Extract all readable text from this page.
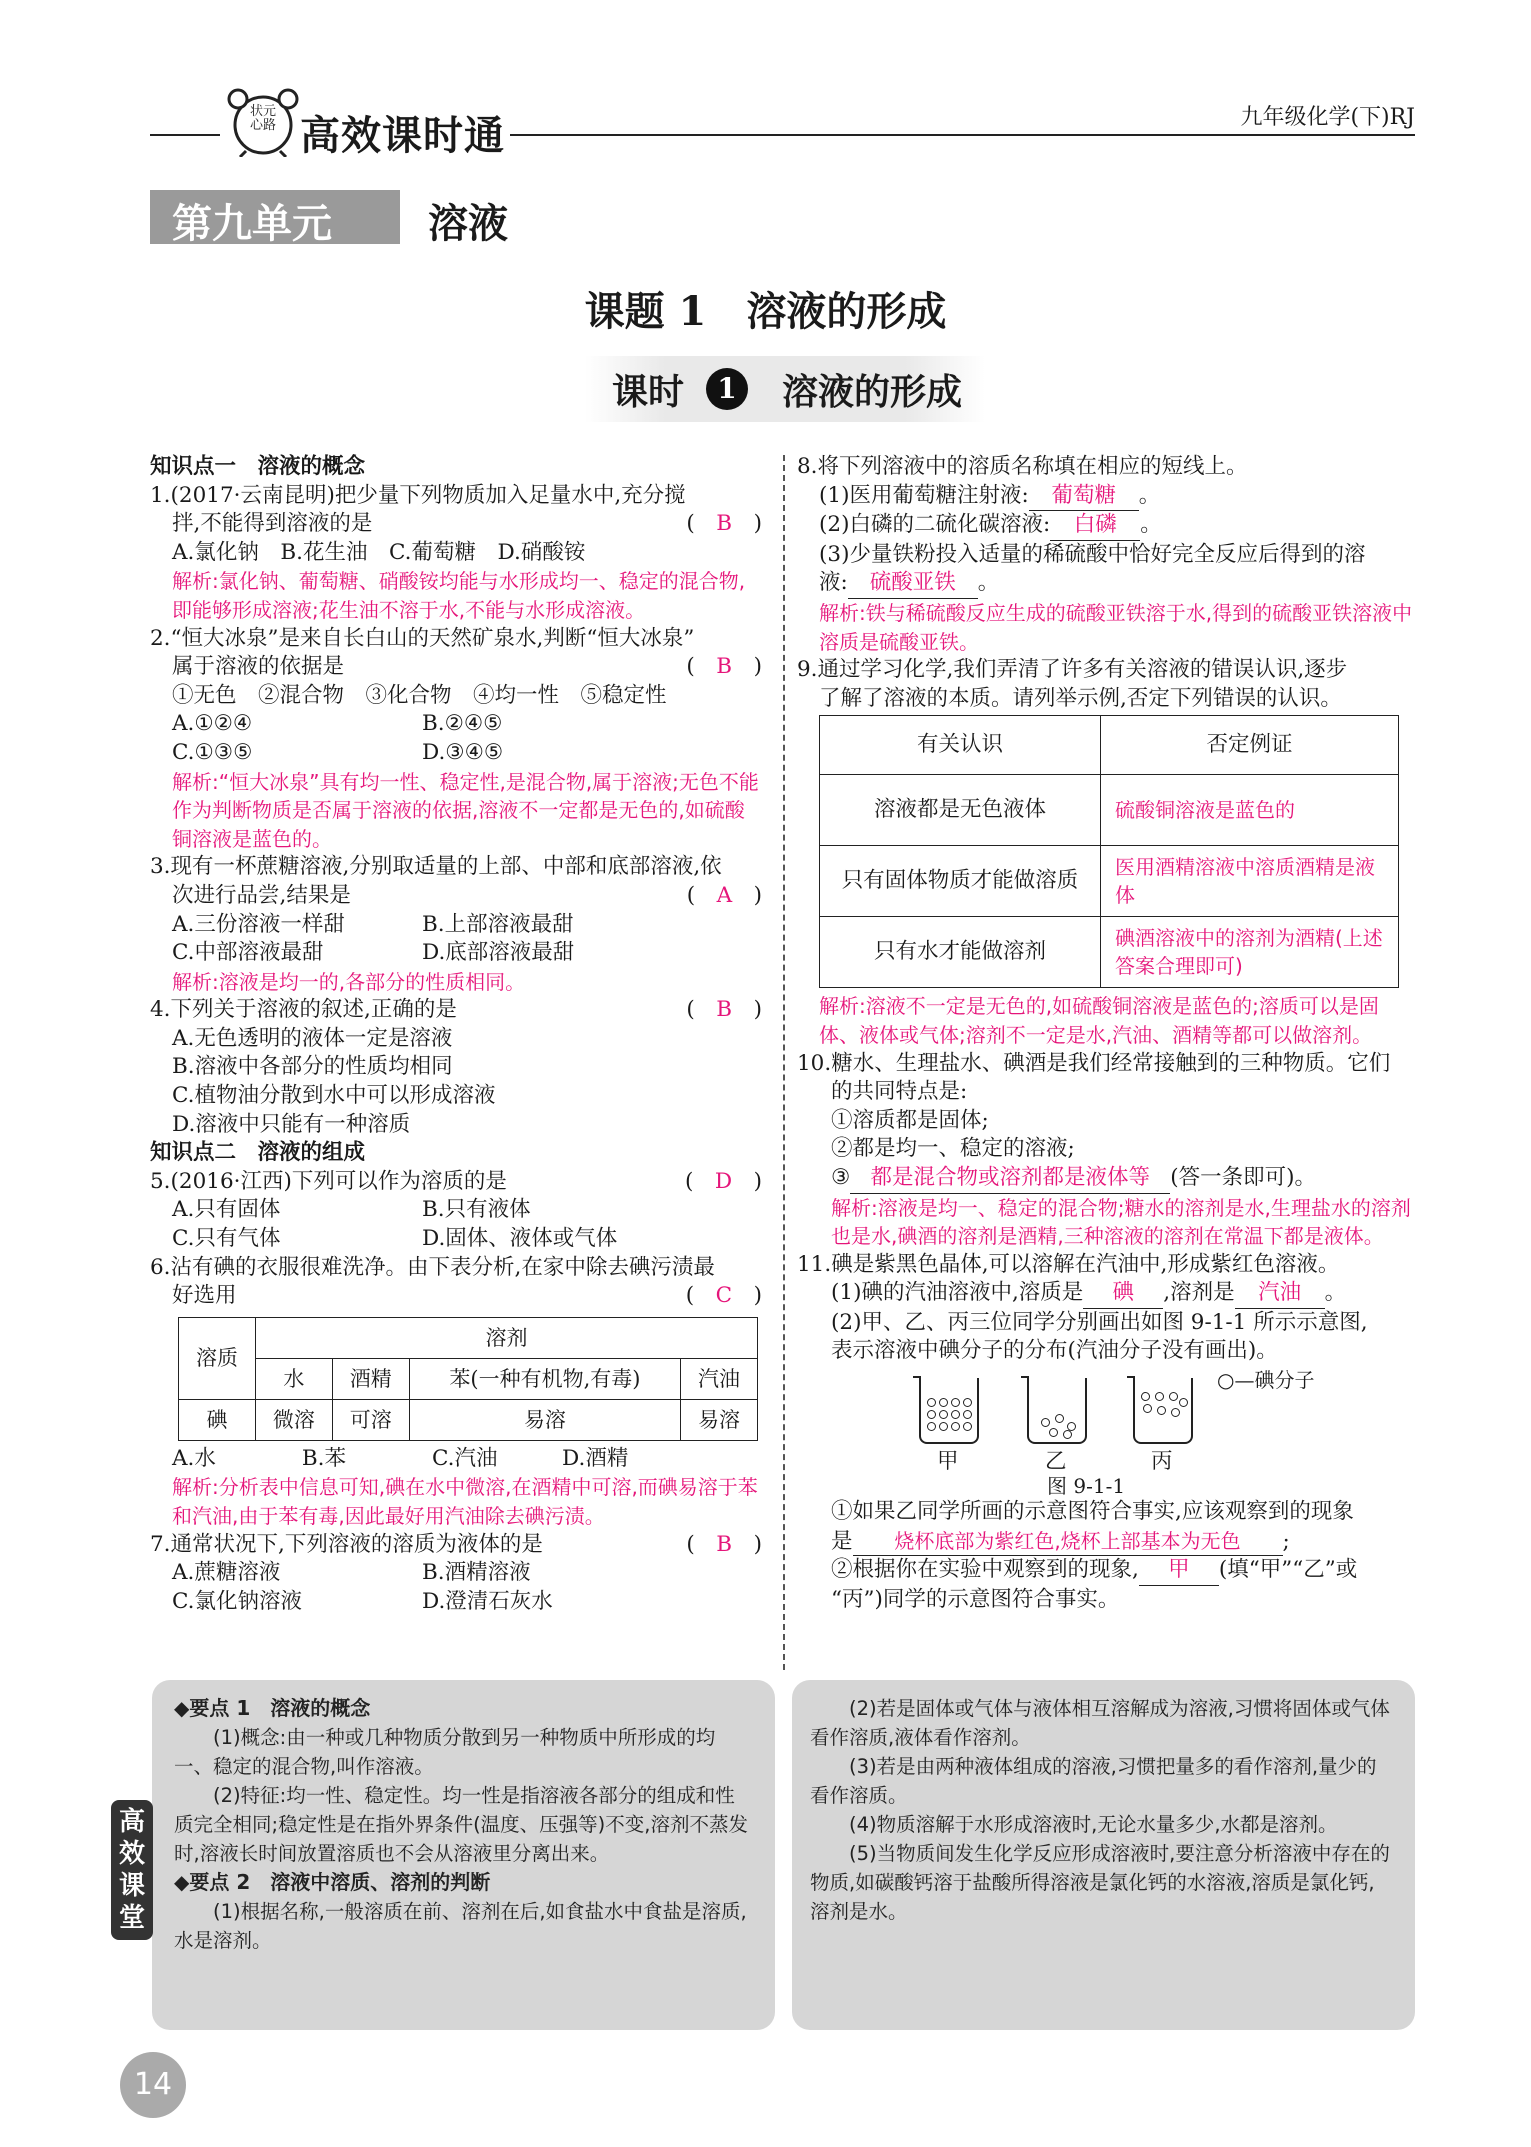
状元心路 高效课时通	九年级化学(下)RJ
第九单元 溶液
课题 1　溶液的形成
课时	1	溶液的形成

知识点一　溶液的概念

1.(2017·云南昆明)把少量下列物质加入足量水中,充分搅

拌,不能得到溶液的是	(　B　)

A.氯化钠　B.花生油　C.葡萄糖　D.硝酸铵

解析:氯化钠、葡萄糖、硝酸铵均能与水形成均一、稳定的混合物,即能够形成溶液;花生油不溶于水,不能与水形成溶液。

2.“恒大冰泉”是来自长白山的天然矿泉水,判断“恒大冰泉”

属于溶液的依据是	(　B　)

①无色　②混合物　③化合物　④均一性　⑤稳定性

A.①②④	B.②④⑤

C.①③⑤	D.③④⑤

解析:“恒大冰泉”具有均一性、稳定性,是混合物,属于溶液;无色不能作为判断物质是否属于溶液的依据,溶液不一定都是无色的,如硫酸铜溶液是蓝色的。

3.现有一杯蔗糖溶液,分别取适量的上部、中部和底部溶液,依

次进行品尝,结果是	(　A　)

A.三份溶液一样甜	B.上部溶液最甜

C.中部溶液最甜	D.底部溶液最甜

解析:溶液是均一的,各部分的性质相同。

4.下列关于溶液的叙述,正确的是	(　B　)

A.无色透明的液体一定是溶液

B.溶液中各部分的性质均相同

C.植物油分散到水中可以形成溶液

D.溶液中只能有一种溶质

知识点二　溶液的组成

5.(2016·江西)下列可以作为溶质的是	(　D　)

A.只有固体	B.只有液体

C.只有气体	D.固体、液体或气体

6.沾有碘的衣服很难洗净。由下表分析,在家中除去碘污渍最

好选用	(　C　)

溶质	溶剂			
	水	酒精	苯(一种有机物,有毒)	汽油
碘	微溶	可溶	易溶	易溶

A.水　　　　B.苯　　　　C.汽油　　　D.酒精

解析:分析表中信息可知,碘在水中微溶,在酒精中可溶,而碘易溶于苯和汽油,由于苯有毒,因此最好用汽油除去碘污渍。

7.通常状况下,下列溶液的溶质为液体的是	(　B　)

A.蔗糖溶液	B.酒精溶液

C.氯化钠溶液	D.澄清石灰水

8.将下列溶液中的溶质名称填在相应的短线上。

(1)医用葡萄糖注射液: 葡萄糖 。

(2)白磷的二硫化碳溶液: 白磷 。

(3)少量铁粉投入适量的稀硫酸中恰好完全反应后得到的溶

液: 硫酸亚铁 。

解析:铁与稀硫酸反应生成的硫酸亚铁溶于水,得到的硫酸亚铁溶液中溶质是硫酸亚铁。

9.通过学习化学,我们弄清了许多有关溶液的错误认识,逐步

了解了溶液的本质。请列举示例,否定下列错误的认识。

有关认识	否定例证
溶液都是无色液体	硫酸铜溶液是蓝色的
只有固体物质才能做溶质	医用酒精溶液中溶质酒精是液体
只有水才能做溶剂	碘酒溶液中的溶剂为酒精(上述答案合理即可)

解析:溶液不一定是无色的,如硫酸铜溶液是蓝色的;溶质可以是固体、液体或气体;溶剂不一定是水,汽油、酒精等都可以做溶剂。

10.糖水、生理盐水、碘酒是我们经常接触到的三种物质。它们

的共同特点是:

①溶质都是固体;

②都是均一、稳定的溶液;

③ 都是混合物或溶剂都是液体等 (答一条即可)。

解析:溶液是均一、稳定的混合物;糖水的溶剂是水,生理盐水的溶剂也是水,碘酒的溶剂是酒精,三种溶液的溶剂在常温下都是液体。

11.碘是紫黑色晶体,可以溶解在汽油中,形成紫红色溶液。

(1)碘的汽油溶液中,溶质是 碘 ,溶剂是 汽油 。

(2)甲、乙、丙三位同学分别画出如图 9-1-1 所示示意图,

表示溶液中碘分子的分布(汽油分子没有画出)。

○—碘分子
甲	乙	丙
图 9-1-1

①如果乙同学所画的示意图符合事实,应该观察到的现象

是 烧杯底部为紫红色,烧杯上部基本为无色 ;

②根据你在实验中观察到的现象, 甲 (填“甲”“乙”或

“丙”)同学的示意图符合事实。

◆要点 1　溶液的概念

(1)概念:由一种或几种物质分散到另一种物质中所形成的均一、稳定的混合物,叫作溶液。

(2)特征:均一性、稳定性。均一性是指溶液各部分的组成和性质完全相同;稳定性是在指外界条件(温度、压强等)不变,溶剂不蒸发时,溶液长时间放置溶质也不会从溶液里分离出来。

◆要点 2　溶液中溶质、溶剂的判断

(1)根据名称,一般溶质在前、溶剂在后,如食盐水中食盐是溶质,水是溶剂。

(2)若是固体或气体与液体相互溶解成为溶液,习惯将固体或气体看作溶质,液体看作溶剂。

(3)若是由两种液体组成的溶液,习惯把量多的看作溶剂,量少的看作溶质。

(4)物质溶解于水形成溶液时,无论水量多少,水都是溶剂。

(5)当物质间发生化学反应形成溶液时,要注意分析溶液中存在的物质,如碳酸钙溶于盐酸所得溶液是氯化钙的水溶液,溶质是氯化钙,溶剂是水。

高效课堂
14
